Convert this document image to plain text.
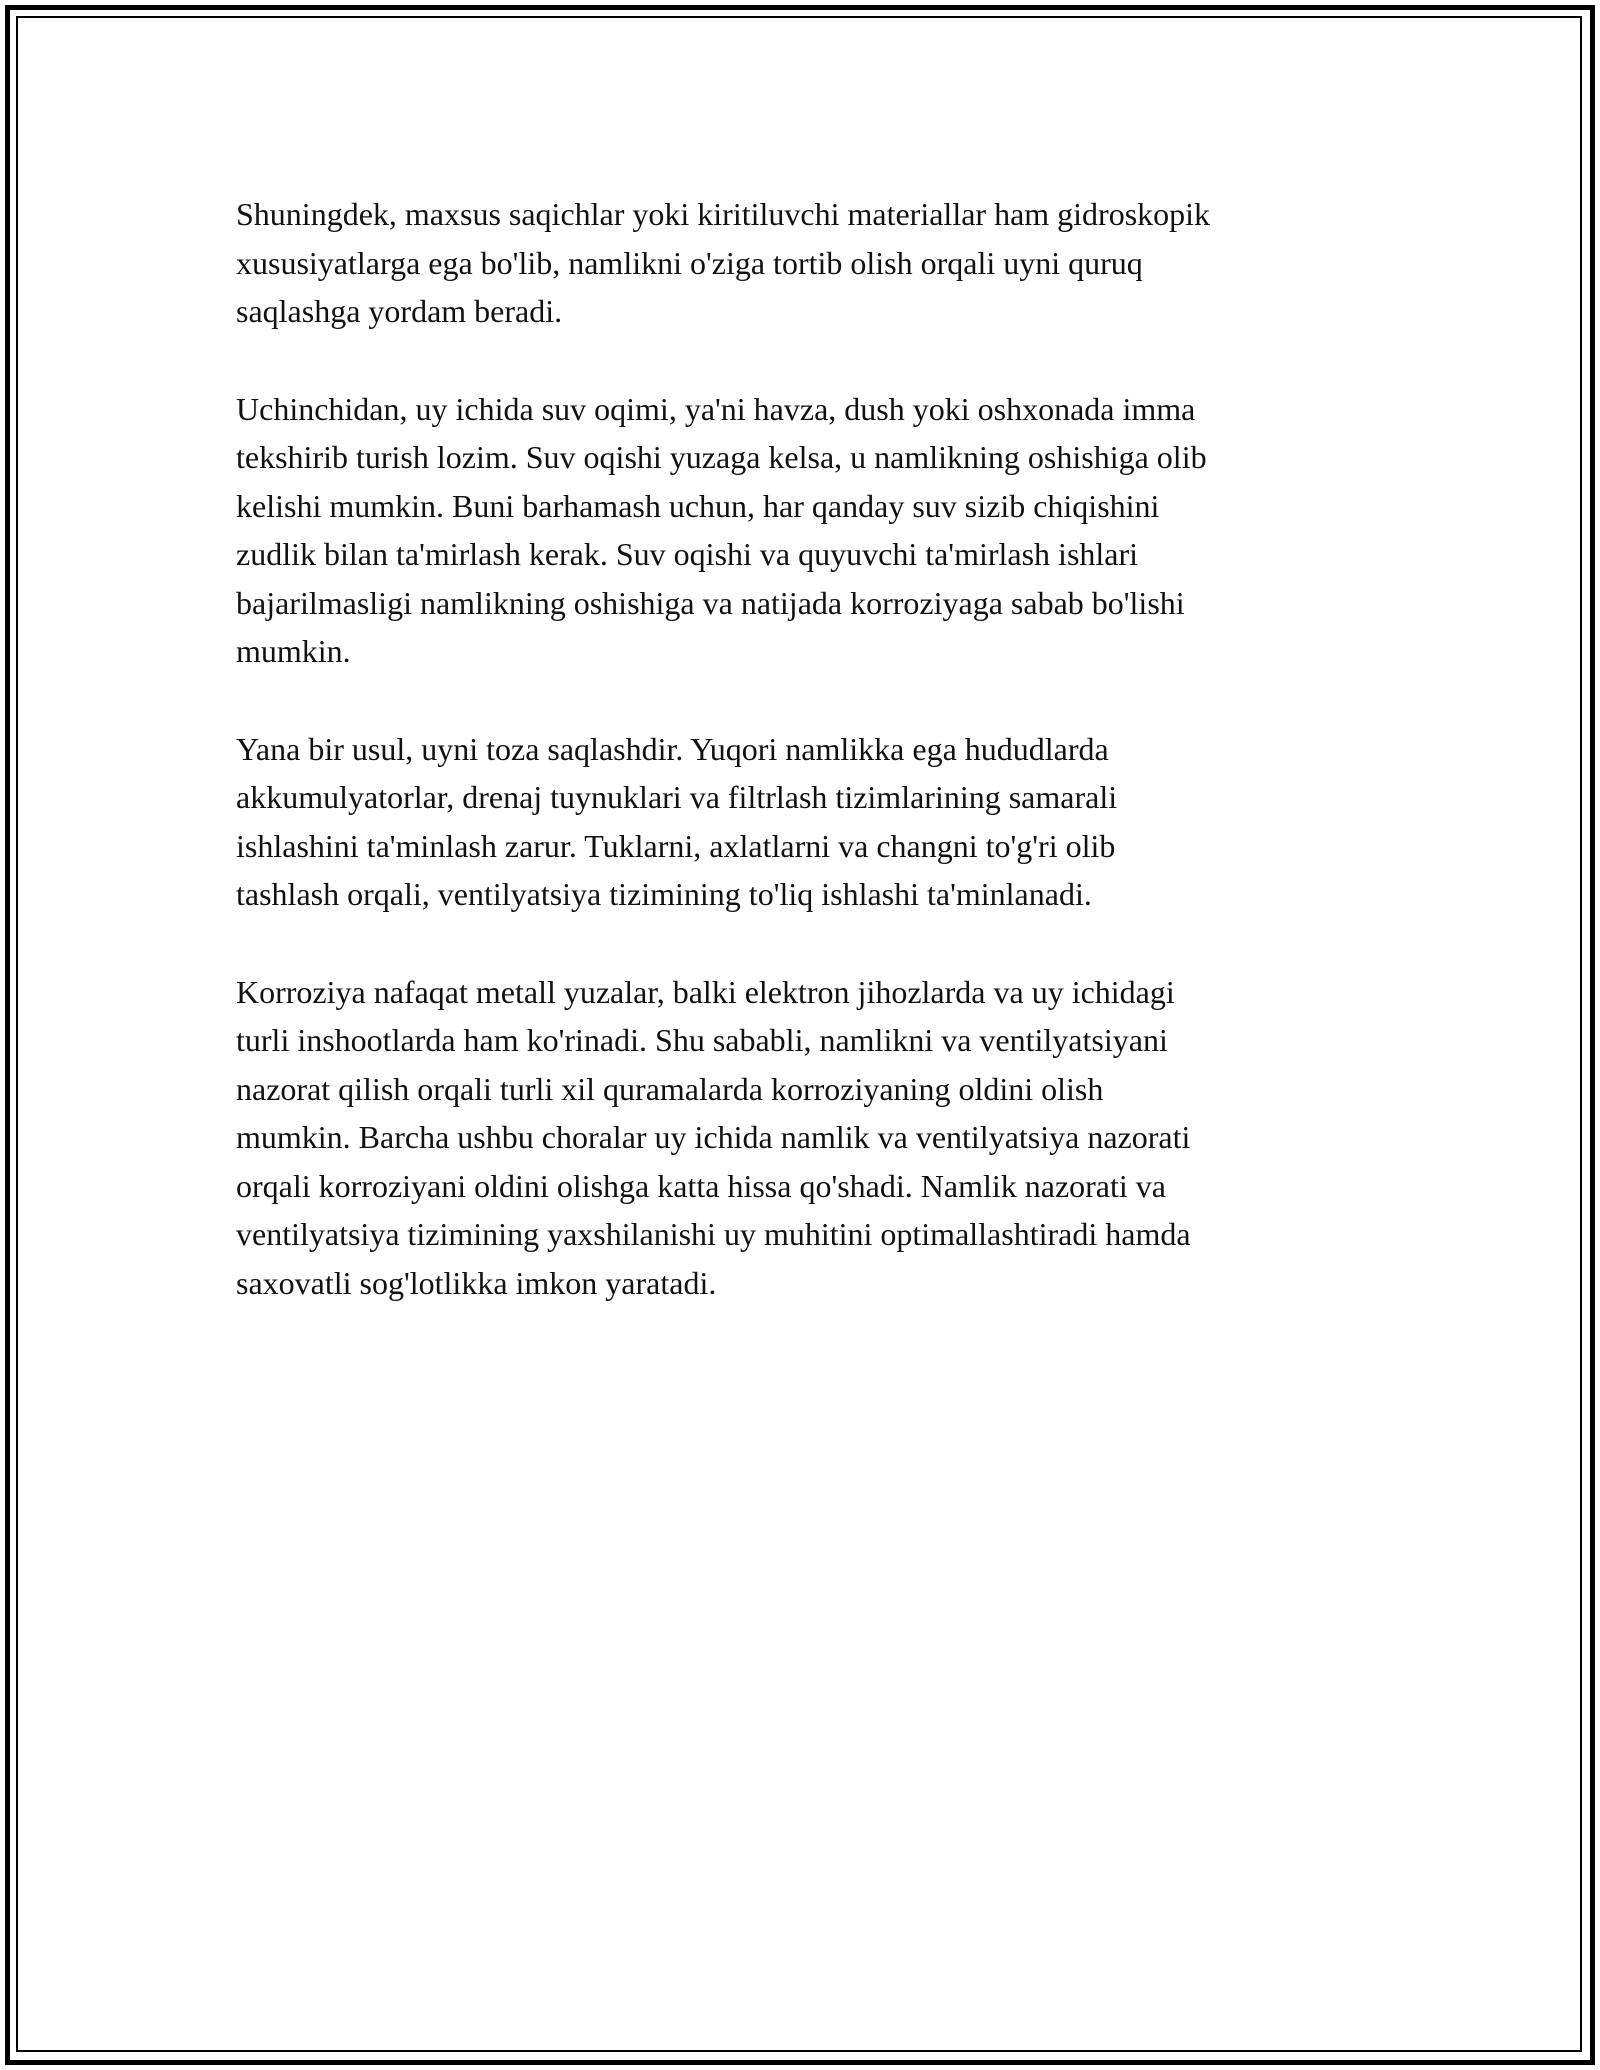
Shuningdek, maxsus saqichlar yoki kiritiluvchi materiallar ham gidroskopik
xususiyatlarga ega bo'lib, namlikni o'ziga tortib olish orqali uyni quruq
saqlashga yordam beradi.

Uchinchidan, uy ichida suv oqimi, ya'ni havza, dush yoki oshxonada imma
tekshirib turish lozim. Suv oqishi yuzaga kelsa, u namlikning oshishiga olib
kelishi mumkin. Buni barhamash uchun, har qanday suv sizib chiqishini
zudlik bilan ta'mirlash kerak. Suv oqishi va quyuvchi ta'mirlash ishlari
bajarilmasligi namlikning oshishiga va natijada korroziyaga sabab bo'lishi
mumkin.

Yana bir usul, uyni toza saqlashdir. Yuqori namlikka ega hududlarda
akkumulyatorlar, drenaj tuynuklari va filtrlash tizimlarining samarali
ishlashini ta'minlash zarur. Tuklarni, axlatlarni va changni to'g'ri olib
tashlash orqali, ventilyatsiya tizimining to'liq ishlashi ta'minlanadi.

Korroziya nafaqat metall yuzalar, balki elektron jihozlarda va uy ichidagi
turli inshootlarda ham ko'rinadi. Shu sababli, namlikni va ventilyatsiyani
nazorat qilish orqali turli xil quramalarda korroziyaning oldini olish
mumkin. Barcha ushbu choralar uy ichida namlik va ventilyatsiya nazorati
orqali korroziyani oldini olishga katta hissa qo'shadi. Namlik nazorati va
ventilyatsiya tizimining yaxshilanishi uy muhitini optimallashtiradi hamda
saxovatli sog'lotlikka imkon yaratadi.
